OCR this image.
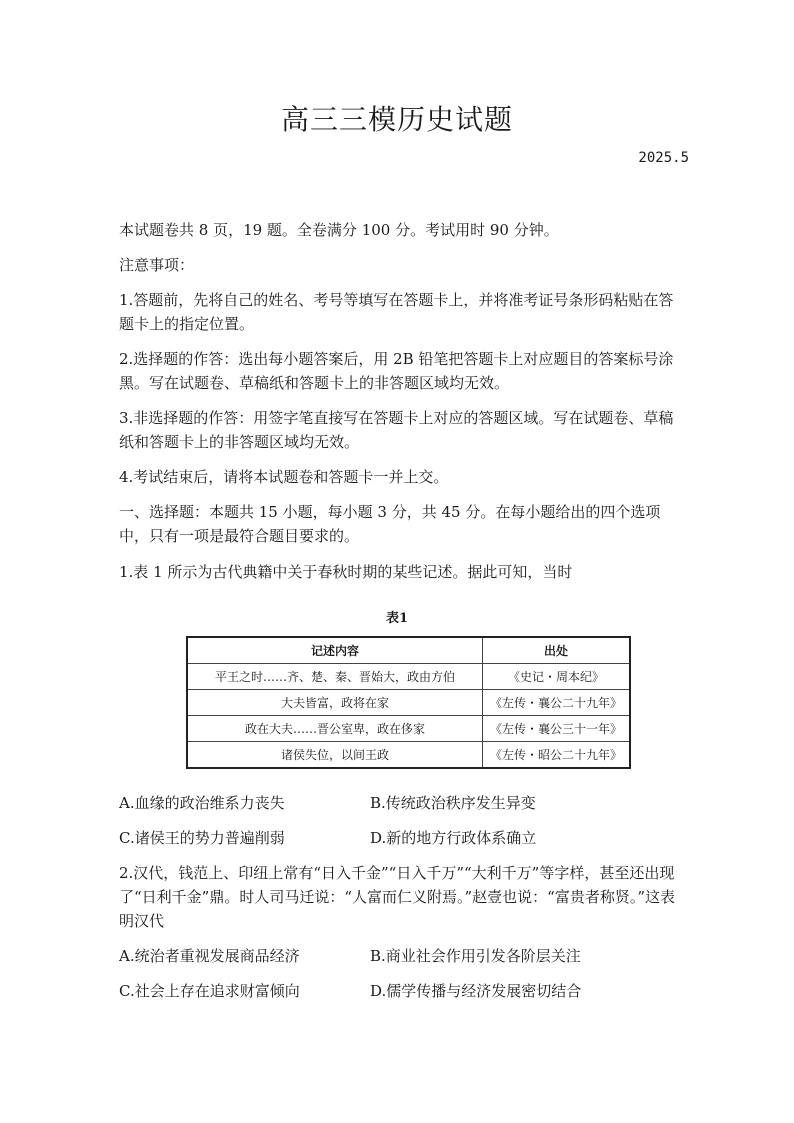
高三三模历史试题
2025.5

本试题卷共 8 页，19 题。全卷满分 100 分。考试用时 90 分钟。

注意事项：

1.答题前，先将自己的姓名、考号等填写在答题卡上，并将准考证号条形码粘贴在答题卡上的指定位置。

2.选择题的作答：选出每小题答案后，用 2B 铅笔把答题卡上对应题目的答案标号涂黑。写在试题卷、草稿纸和答题卡上的非答题区域均无效。

3.非选择题的作答：用签字笔直接写在答题卡上对应的答题区域。写在试题卷、草稿纸和答题卡上的非答题区域均无效。

4.考试结束后，请将本试题卷和答题卡一并上交。

一、选择题：本题共 15 小题，每小题 3 分，共 45 分。在每小题给出的四个选项中，只有一项是最符合题目要求的。

1.表 1 所示为古代典籍中关于春秋时期的某些记述。据此可知，当时

表1
记述内容	出处
平王之时……齐、楚、秦、晋始大，政由方伯	《史记・周本纪》
大夫皆富，政将在家	《左传・襄公二十九年》
政在大夫……晋公室卑，政在侈家	《左传・襄公三十一年》
诸侯失位，以间王政	《左传・昭公二十九年》
A.血缘的政治维系力丧失	B.传统政治秩序发生异变
C.诸侯王的势力普遍削弱	D.新的地方行政体系确立

2.汉代，钱范上、印纽上常有“日入千金”“日入千万”“大利千万”等字样，甚至还出现了“日利千金”鼎。时人司马迁说：“人富而仁义附焉。”赵壹也说：“富贵者称贤。”这表明汉代

A.统治者重视发展商品经济	B.商业社会作用引发各阶层关注
C.社会上存在追求财富倾向	D.儒学传播与经济发展密切结合
